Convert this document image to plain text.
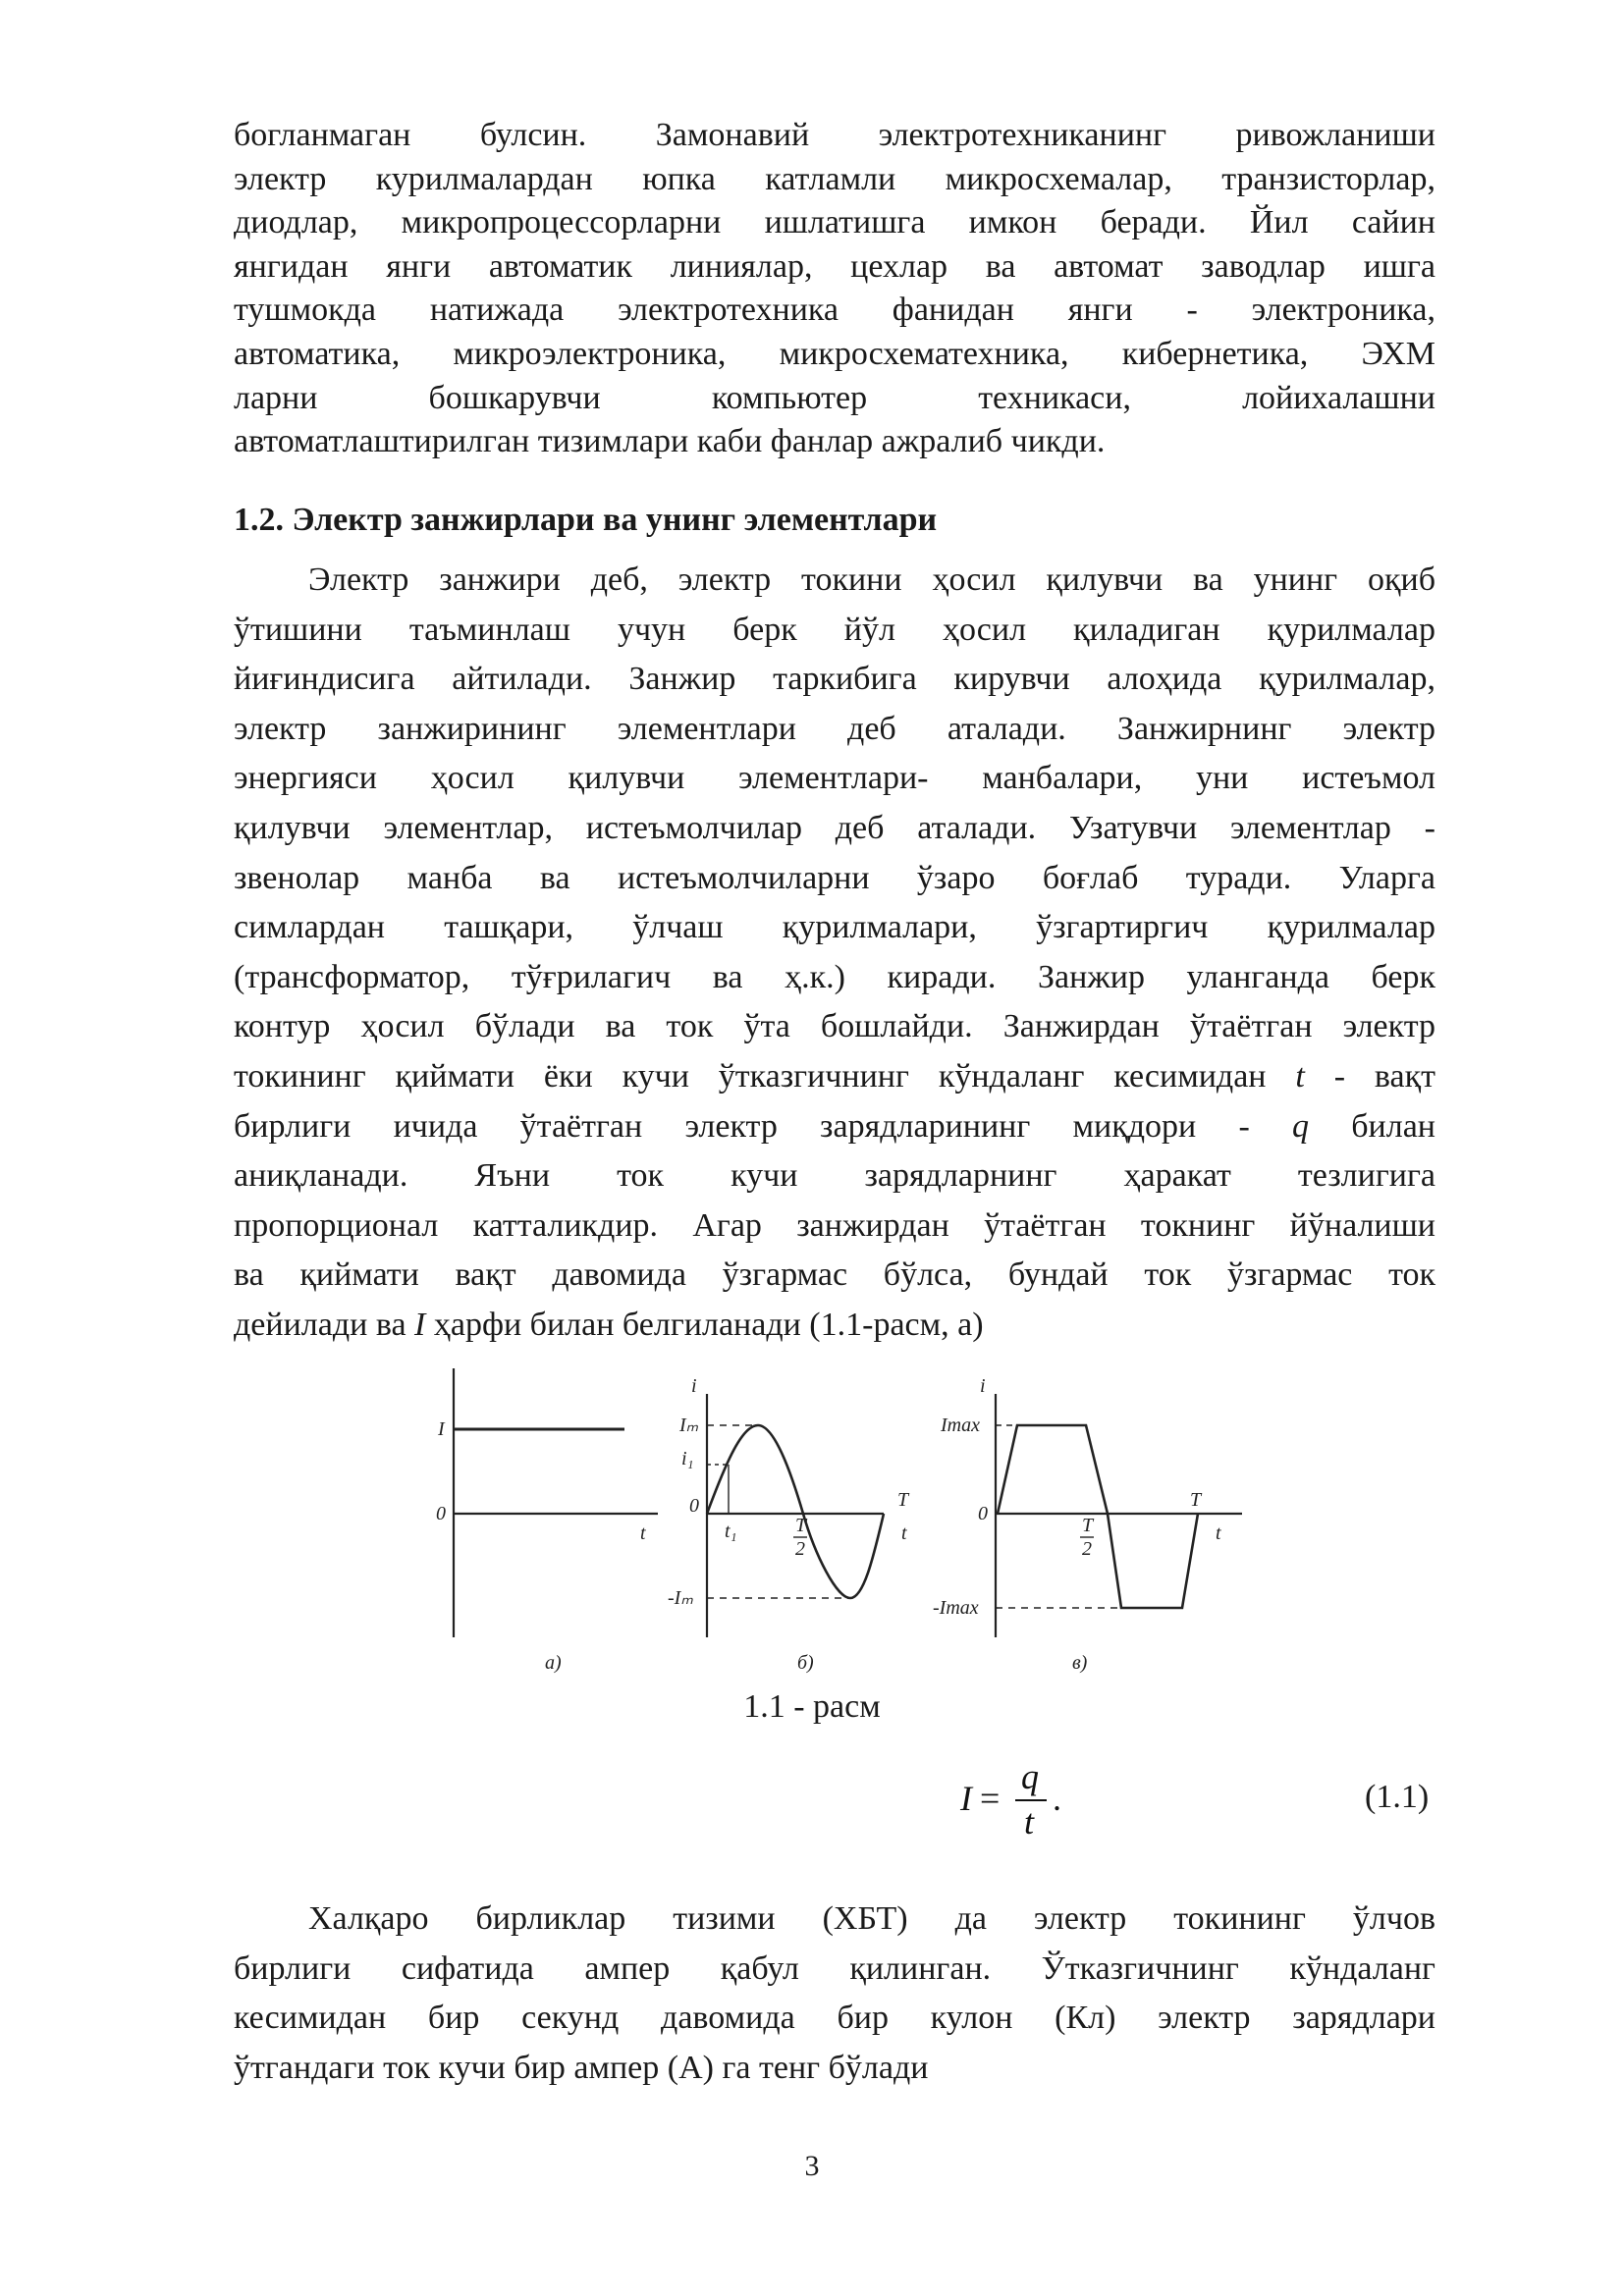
богланмаган булсин. Замонавий электротехниканинг ривожланиши

электр курилмалардан юпка катламли микросхемалар, транзисторлар,

диодлар, микропроцессорларни ишлатишга имкон беради. Йил сайин

янгидан янги автоматик линиялар, цехлар ва автомат заводлар ишга

тушмокда натижада электротехника фанидан янги - электроника,

автоматика, микроэлектроника, микросхематехника, кибернетика, ЭХМ

ларни бошкарувчи компьютер техникаси, лойихалашни

автоматлаштирилган тизимлари каби фанлар ажралиб чикди.

1.2. Электр занжирлари ва унинг элементлари

Электр занжири деб, электр токини ҳосил қилувчи ва унинг оқиб

ўтишини таъминлаш учун берк йўл ҳосил қиладиган қурилмалар

йиғиндисига айтилади. Занжир таркибига кирувчи алоҳида қурилмалар,

электр занжирининг элементлари деб аталади. Занжирнинг электр

энергияси ҳосил қилувчи элементлари- манбалари, уни истеъмол

қилувчи элементлар, истеъмолчилар деб аталади. Узатувчи элементлар -

звенолар манба ва истеъмолчиларни ўзаро боғлаб туради. Уларга

симлардан ташқари, ўлчаш қурилмалари, ўзгартиргич қурилмалар

(трансформатор, тўғрилагич ва ҳ.к.) киради. Занжир уланганда берк

контур ҳосил бўлади ва ток ўта бошлайди. Занжирдан ўтаётган электр

токининг қиймати ёки кучи ўтказгичнинг кўндаланг кесимидан t - вақт

бирлиги ичида ўтаётган электр зарядларининг миқдори - q билан

аниқланади. Яъни ток кучи зарядларнинг ҳаракат тезлигига

пропорционал катталикдир. Агар занжирдан ўтаётган токнинг йўналиши

ва қиймати вақт давомида ўзгармас бўлса, бундай ток ўзгармас ток

дейилади ва I ҳарфи билан белгиланади (1.1-расм, а)

I
0
t
а)
i
Iₘ
i₁
0
t₁	T
2
T
t
-Iₘ
б)
i
Imax
0
T
2
T
t
-Imax
в)
1.1 - расм
I =
q
t
.	(1.1)

Халқаро бирликлар тизими (ХБТ) да электр токининг ўлчов

бирлиги сифатида ампер қабул қилинган. Ўтказгичнинг кўндаланг

кесимидан бир секунд давомида бир кулон (Кл) электр зарядлари

ўтгандаги ток кучи бир ампер (А) га тенг бўлади

3
